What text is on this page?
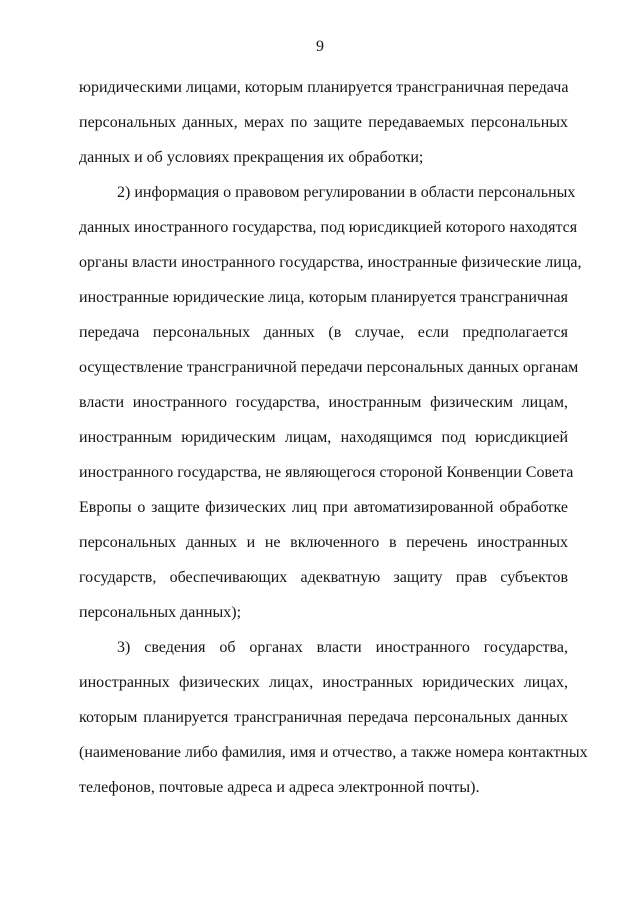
9
юридическими лицами, которым планируется трансграничная передача
персональных данных, мерах по защите передаваемых персональных
данных и об условиях прекращения их обработки;
2) информация о правовом регулировании в области персональных
данных иностранного государства, под юрисдикцией которого находятся
органы власти иностранного государства, иностранные физические лица,
иностранные юридические лица, которым планируется трансграничная
передача персональных данных (в случае, если предполагается
осуществление трансграничной передачи персональных данных органам
власти иностранного государства, иностранным физическим лицам,
иностранным юридическим лицам, находящимся под юрисдикцией
иностранного государства, не являющегося стороной Конвенции Совета
Европы о защите физических лиц при автоматизированной обработке
персональных данных и не включенного в перечень иностранных
государств, обеспечивающих адекватную защиту прав субъектов
персональных данных);
3) сведения об органах власти иностранного государства,
иностранных физических лицах, иностранных юридических лицах,
которым планируется трансграничная передача персональных данных
(наименование либо фамилия, имя и отчество, а также номера контактных
телефонов, почтовые адреса и адреса электронной почты).
